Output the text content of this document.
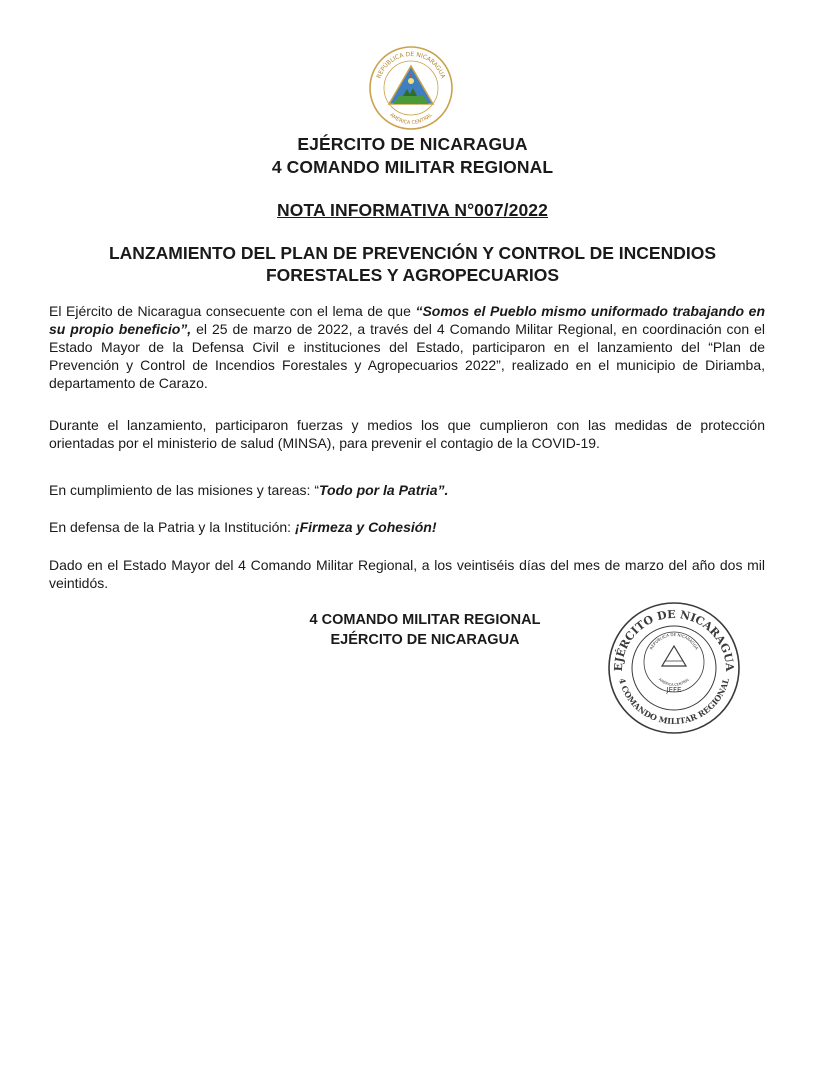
REPÚBLICA DE NICARAGUA
AMÉRICA CENTRAL
EJÉRCITO DE NICARAGUA
4 COMANDO MILITAR REGIONAL
NOTA INFORMATIVA N°007/2022
LANZAMIENTO DEL PLAN DE PREVENCIÓN Y CONTROL DE INCENDIOS FORESTALES Y AGROPECUARIOS
El Ejército de Nicaragua consecuente con el lema de que “Somos el Pueblo mismo uniformado trabajando en su propio beneficio”, el 25 de marzo de 2022, a través del 4 Comando Militar Regional, en coordinación con el Estado Mayor de la Defensa Civil e instituciones del Estado, participaron en el lanzamiento del “Plan de Prevención y Control de Incendios Forestales y Agropecuarios 2022”, realizado en el municipio de Diriamba, departamento de Carazo.
Durante el lanzamiento, participaron fuerzas y medios los que cumplieron con las medidas de protección orientadas por el ministerio de salud (MINSA), para prevenir el contagio de la COVID-19.
En cumplimiento de las misiones y tareas: “Todo por la Patria”.
En defensa de la Patria y la Institución: ¡Firmeza y Cohesión!
Dado en el Estado Mayor del 4 Comando Militar Regional, a los veintiséis días del mes de marzo del año dos mil veintidós.
4 COMANDO MILITAR REGIONAL
EJÉRCITO DE NICARAGUA
EJÉRCITO DE NICARAGUA
4 COMANDO MILITAR REGIONAL
REPÚBLICA DE NICARAGUA
AMÉRICA CENTRAL
JEFE
